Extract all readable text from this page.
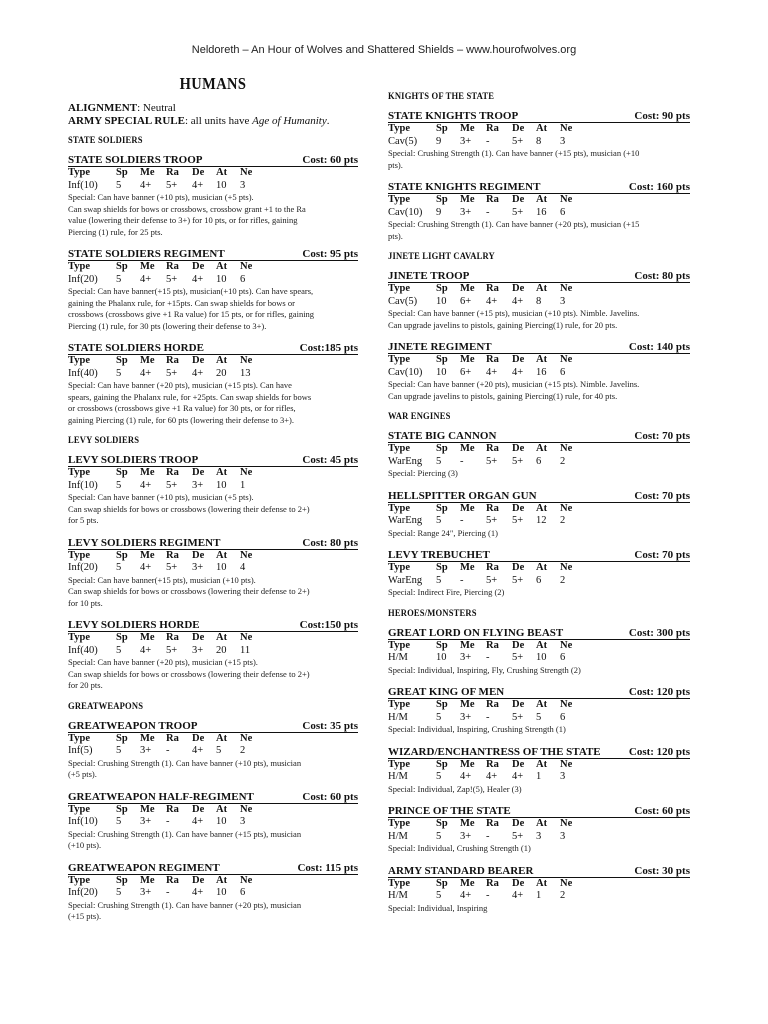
Neldoreth – An Hour of Wolves and Shattered Shields – www.hourofwolves.org
HUMANS
ALIGNMENT: Neutral
ARMY SPECIAL RULE: all units have Age of Humanity.
STATE SOLDIERS
STATE SOLDIERS TROOP	Cost: 60 pts
Type Sp Me Ra De At Ne
Inf(10) 5 4+ 5+ 4+ 10 3
Special: Can have banner (+10 pts), musician (+5 pts).
Can swap shields for bows or crossbows, crossbow grant +1 to the Ra
value (lowering their defense to 3+) for 10 pts, or for rifles, gaining
Piercing (1) rule, for 25 pts.
STATE SOLDIERS REGIMENT	Cost: 95 pts
Type Sp Me Ra De At Ne
Inf(20) 5 4+ 5+ 4+ 10 6
Special: Can have banner(+15 pts), musician(+10 pts). Can have spears,
gaining the Phalanx rule, for +15pts. Can swap shields for bows or
crossbows (crossbows give +1 Ra value) for 15 pts, or for rifles, gaining
Piercing (1) rule, for 30 pts (lowering their defense to 3+).
STATE SOLDIERS HORDE	Cost:185 pts
Type Sp Me Ra De At Ne
Inf(40) 5 4+ 5+ 4+ 20 13
Special: Can have banner (+20 pts), musician (+15 pts). Can have
spears, gaining the Phalanx rule, for +25pts. Can swap shields for bows
or crossbows (crossbows give +1 Ra value) for 30 pts, or for rifles,
gaining Piercing (1) rule, for 60 pts (lowering their defense to 3+).
LEVY SOLDIERS
LEVY SOLDIERS TROOP	Cost: 45 pts
Type Sp Me Ra De At Ne
Inf(10) 5 4+ 5+ 3+ 10 1
Special: Can have banner (+10 pts), musician (+5 pts).
Can swap shields for bows or crossbows (lowering their defense to 2+)
for 5 pts.
LEVY SOLDIERS REGIMENT	Cost: 80 pts
Type Sp Me Ra De At Ne
Inf(20) 5 4+ 5+ 3+ 10 4
Special: Can have banner(+15 pts), musician (+10 pts).
Can swap shields for bows or crossbows (lowering their defense to 2+)
for 10 pts.
LEVY SOLDIERS HORDE	Cost:150 pts
Type Sp Me Ra De At Ne
Inf(40) 5 4+ 5+ 3+ 20 11
Special: Can have banner (+20 pts), musician (+15 pts).
Can swap shields for bows or crossbows (lowering their defense to 2+)
for 20 pts.
GREATWEAPONS
GREATWEAPON TROOP	Cost: 35 pts
Type Sp Me Ra De At Ne
Inf(5) 5 3+ - 4+ 5 2
Special: Crushing Strength (1). Can have banner (+10 pts), musician
(+5 pts).
GREATWEAPON HALF-REGIMENT	Cost: 60 pts
Type Sp Me Ra De At Ne
Inf(10) 5 3+ - 4+ 10 3
Special: Crushing Strength (1). Can have banner (+15 pts), musician
(+10 pts).
GREATWEAPON REGIMENT	Cost: 115 pts
Type Sp Me Ra De At Ne
Inf(20) 5 3+ - 4+ 10 6
Special: Crushing Strength (1). Can have banner (+20 pts), musician
(+15 pts).
KNIGHTS OF THE STATE
STATE KNIGHTS TROOP	Cost: 90 pts
Type Sp Me Ra De At Ne
Cav(5) 9 3+ - 5+ 8 3
Special: Crushing Strength (1). Can have banner (+15 pts), musician (+10
pts).
STATE KNIGHTS REGIMENT	Cost: 160 pts
Type Sp Me Ra De At Ne
Cav(10) 9 3+ - 5+ 16 6
Special: Crushing Strength (1). Can have banner (+20 pts), musician (+15
pts).
JINETE LIGHT CAVALRY
JINETE TROOP	Cost: 80 pts
Type Sp Me Ra De At Ne
Cav(5) 10 6+ 4+ 4+ 8 3
Special: Can have banner (+15 pts), musician (+10 pts). Nimble. Javelins.
Can upgrade javelins to pistols, gaining Piercing(1) rule, for 20 pts.
JINETE REGIMENT	Cost: 140 pts
Type Sp Me Ra De At Ne
Cav(10) 10 6+ 4+ 4+ 16 6
Special: Can have banner (+20 pts), musician (+15 pts). Nimble. Javelins.
Can upgrade javelins to pistols, gaining Piercing(1) rule, for 40 pts.
WAR ENGINES
STATE BIG CANNON	Cost: 70 pts
Type Sp Me Ra De At Ne
WarEng 5 - 5+ 5+ 6 2
Special: Piercing (3)
HELLSPITTER ORGAN GUN	Cost: 70 pts
Type Sp Me Ra De At Ne
WarEng 5 - 5+ 5+ 12 2
Special: Range 24", Piercing (1)
LEVY TREBUCHET	Cost: 70 pts
Type Sp Me Ra De At Ne
WarEng 5 - 5+ 5+ 6 2
Special: Indirect Fire, Piercing (2)
HEROES/MONSTERS
GREAT LORD ON FLYING BEAST	Cost: 300 pts
Type Sp Me Ra De At Ne
H/M	10 3+ - 5+ 10 6
Special: Individual, Inspiring, Fly, Crushing Strength (2)
GREAT KING OF MEN	Cost: 120 pts
Type Sp Me Ra De At Ne
H/M	5 3+ - 5+ 5 6
Special: Individual, Inspiring, Crushing Strength (1)
WIZARD/ENCHANTRESS OF THE STATE	Cost: 120 pts
Type Sp Me Ra De At Ne
H/M	5 4+ 4+ 4+ 1 3
Special: Individual, Zap!(5), Healer (3)
PRINCE OF THE STATE	Cost: 60 pts
Type Sp Me Ra De At Ne
H/M	5 3+ - 5+ 3 3
Special: Individual, Crushing Strength (1)
ARMY STANDARD BEARER	Cost: 30 pts
Type Sp Me Ra De At Ne
H/M	5 4+ - 4+ 1 2
Special: Individual, Inspiring
